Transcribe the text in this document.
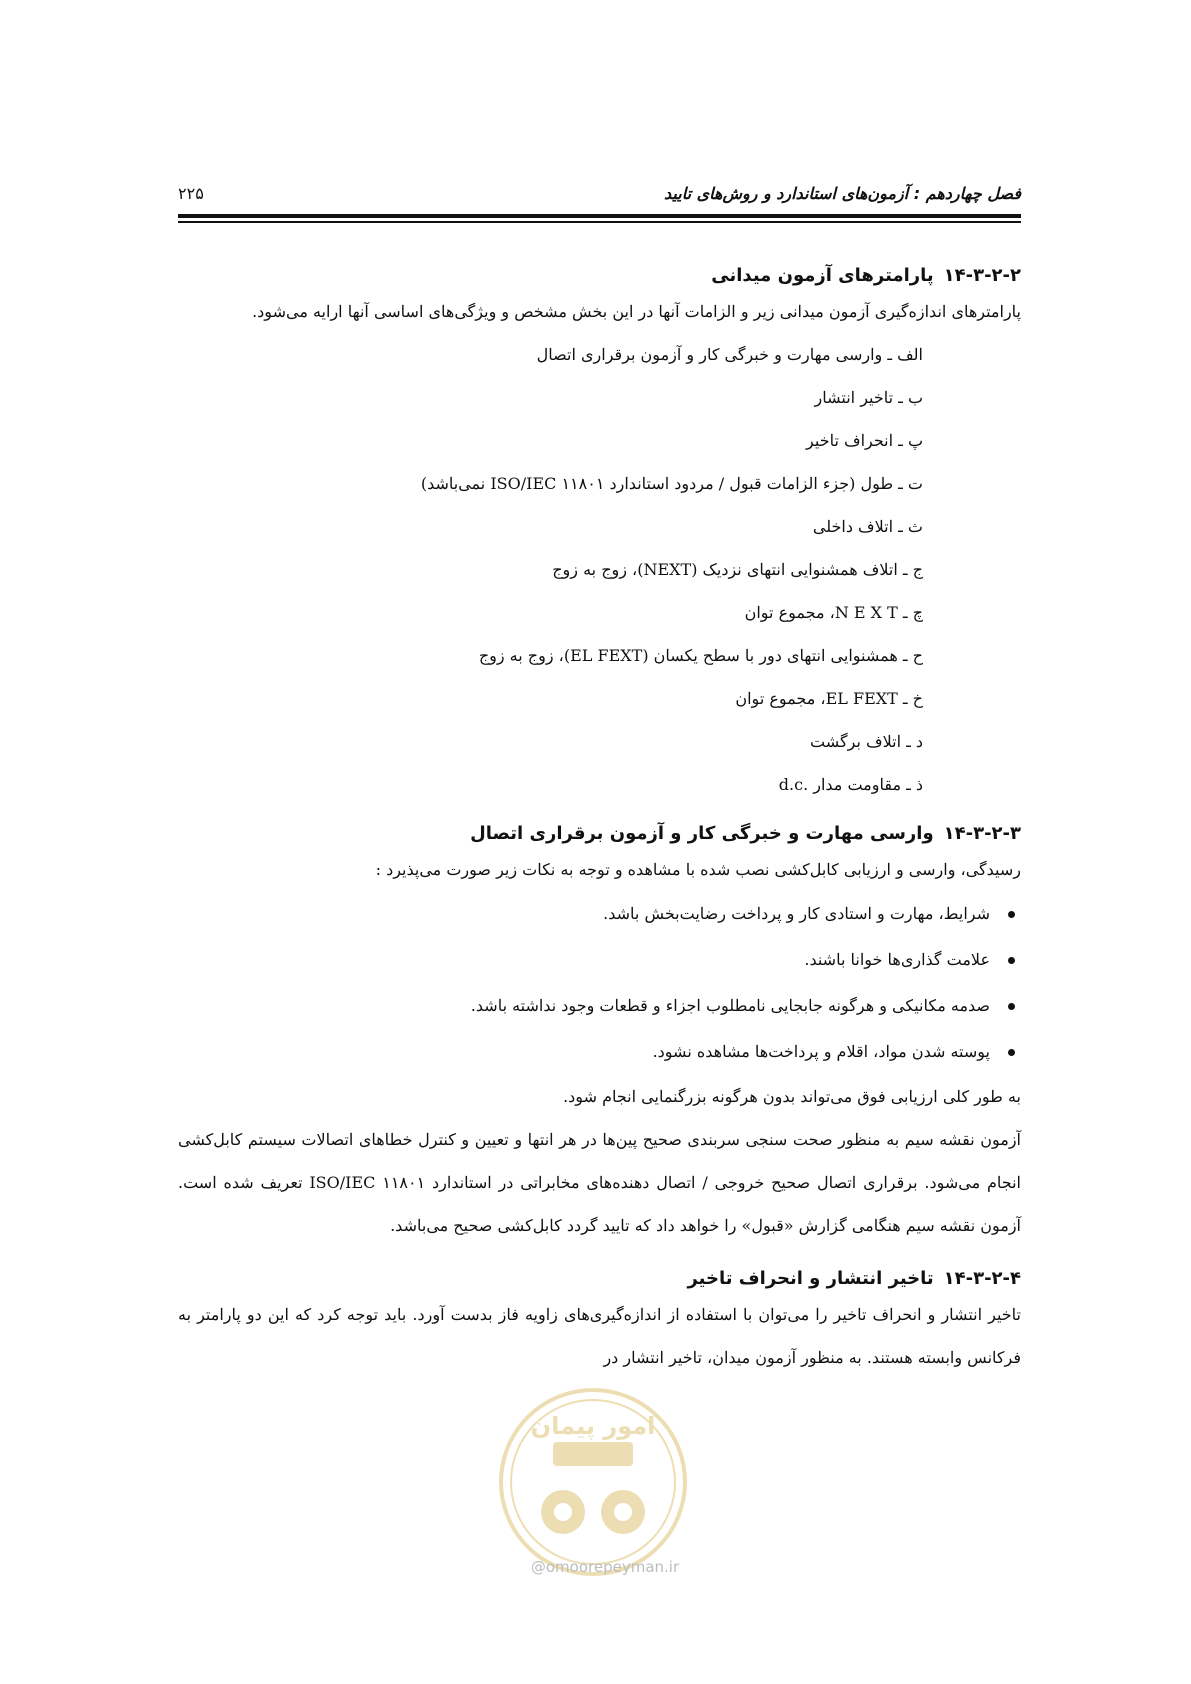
فصل چهاردهم : آزمون‌های استاندارد و روش‌های تایید
۲۲۵
۱۴-۳-۲-۲پارامترهای آزمون میدانی

پارامترهای اندازه‌گیری آزمون میدانی زیر و الزامات آنها در این بخش مشخص و ویژگی‌های اساسی آنها ارایه می‌شود.

الف ـ وارسی مهارت و خبرگی کار و آزمون برقراری اتصال
ب ـ تاخیر انتشار
پ ـ انحراف تاخیر
ت ـ طول (جزء الزامات قبول / مردود استاندارد ۱۱۸۰۱ ISO/IEC نمی‌باشد)
ث ـ اتلاف داخلی
ج ـ اتلاف همشنوایی انتهای نزدیک (NEXT)، زوج به زوج
چ ـ N E X T، مجموع توان
ح ـ همشنوایی انتهای دور با سطح یکسان (EL FEXT)، زوج به زوج
خ ـ EL FEXT، مجموع توان
د ـ اتلاف برگشت
ذ ـ مقاومت مدار .d.c
۱۴-۳-۲-۳وارسی مهارت و خبرگی کار و آزمون برقراری اتصال
رسیدگی، وارسی و ارزیابی کابل‌کشی نصب شده با مشاهده و توجه به نکات زیر صورت می‌پذیرد :
شرایط، مهارت و استادی کار و پرداخت رضایت‌بخش باشد.
علامت گذاری‌ها خوانا باشند.
صدمه مکانیکی و هرگونه جابجایی نامطلوب اجزاء و قطعات وجود نداشته باشد.
پوسته شدن مواد، اقلام و پرداخت‌ها مشاهده نشود.
به طور کلی ارزیابی فوق می‌تواند بدون هرگونه بزرگنمایی انجام شود.

آزمون نقشه سیم به منظور صحت سنجی سربندی صحیح پین‌ها در هر انتها و تعیین و کنترل خطاهای اتصالات سیستم کابل‌کشی انجام می‌شود. برقراری اتصال صحیح خروجی / اتصال دهنده‌های مخابراتی در استاندارد ۱۱۸۰۱ ISO/IEC تعریف شده است. آزمون نقشه سیم هنگامی گزارش «قبول» را خواهد داد که تایید گردد کابل‌کشی صحیح می‌باشد.

۱۴-۳-۲-۴تاخیر انتشار و انحراف تاخیر

تاخیر انتشار و انحراف تاخیر را می‌توان با استفاده از اندازه‌گیری‌های زاویه فاز بدست آورد. باید توجه کرد که این دو پارامتر به فرکانس وابسته هستند. به منظور آزمون میدان، تاخیر انتشار در

امور پیمان
@omoorepeyman.ir
